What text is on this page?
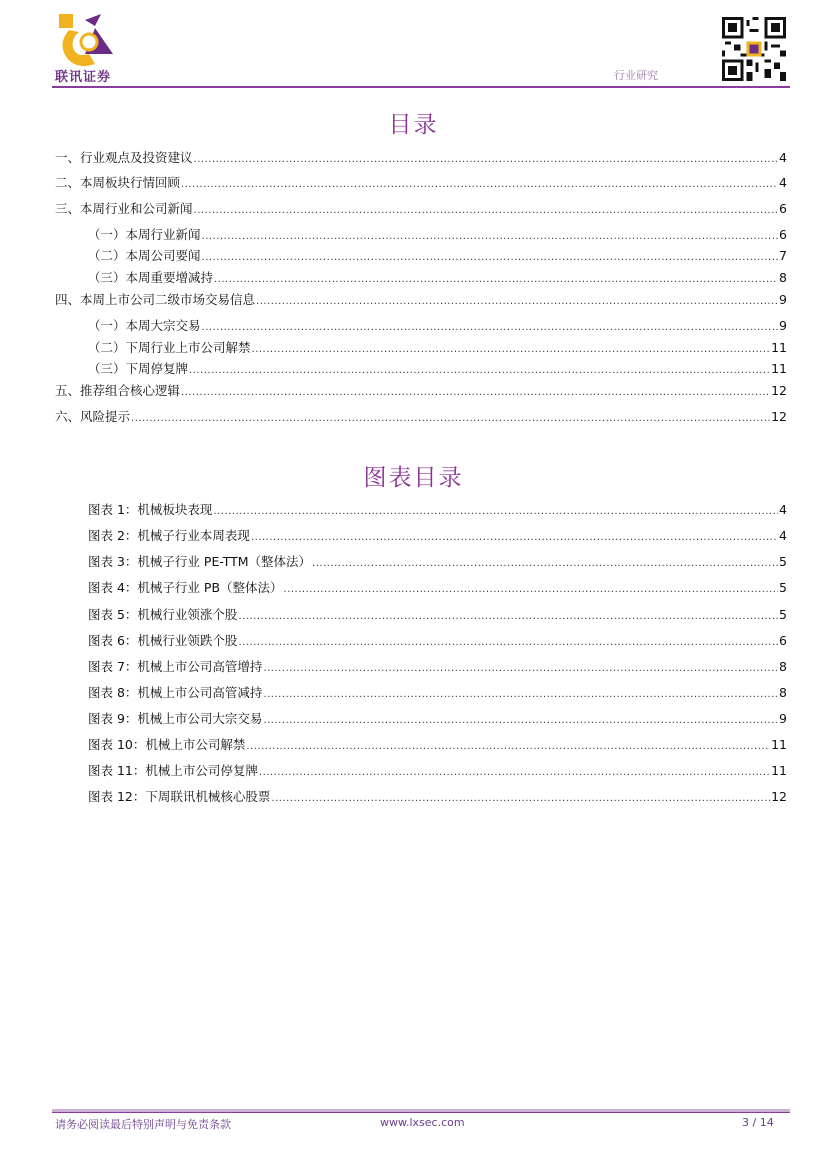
联讯证券	行业研究
目录
一、行业观点及投资建议 .....	4
二、本周板块行情回顾 .....	4
三、本周行业和公司新闻 .....	6
（一）本周行业新闻 .....	6
（二）本周公司要闻 .....	7
（三）本周重要增减持 .....	8
四、本周上市公司二级市场交易信息 .....	9
（一）本周大宗交易 .....	9
（二）下周行业上市公司解禁 .....	11
（三）下周停复牌 .....	11
五、推荐组合核心逻辑 .....	12
六、风险提示 .....	12
图表目录
图表 1：机械板块表现 .....	4
图表 2：机械子行业本周表现 .....	4
图表 3：机械子行业 PE-TTM（整体法） .....	5
图表 4：机械子行业 PB（整体法） .....	5
图表 5：机械行业领涨个股 .....	5
图表 6：机械行业领跌个股 .....	6
图表 7：机械上市公司高管增持 .....	8
图表 8：机械上市公司高管减持 .....	8
图表 9：机械上市公司大宗交易 .....	9
图表 10：机械上市公司解禁 .....	11
图表 11：机械上市公司停复牌 .....	11
图表 12：下周联讯机械核心股票 .....	12
请务必阅读最后特别声明与免责条款	www.lxsec.com	3 / 14
